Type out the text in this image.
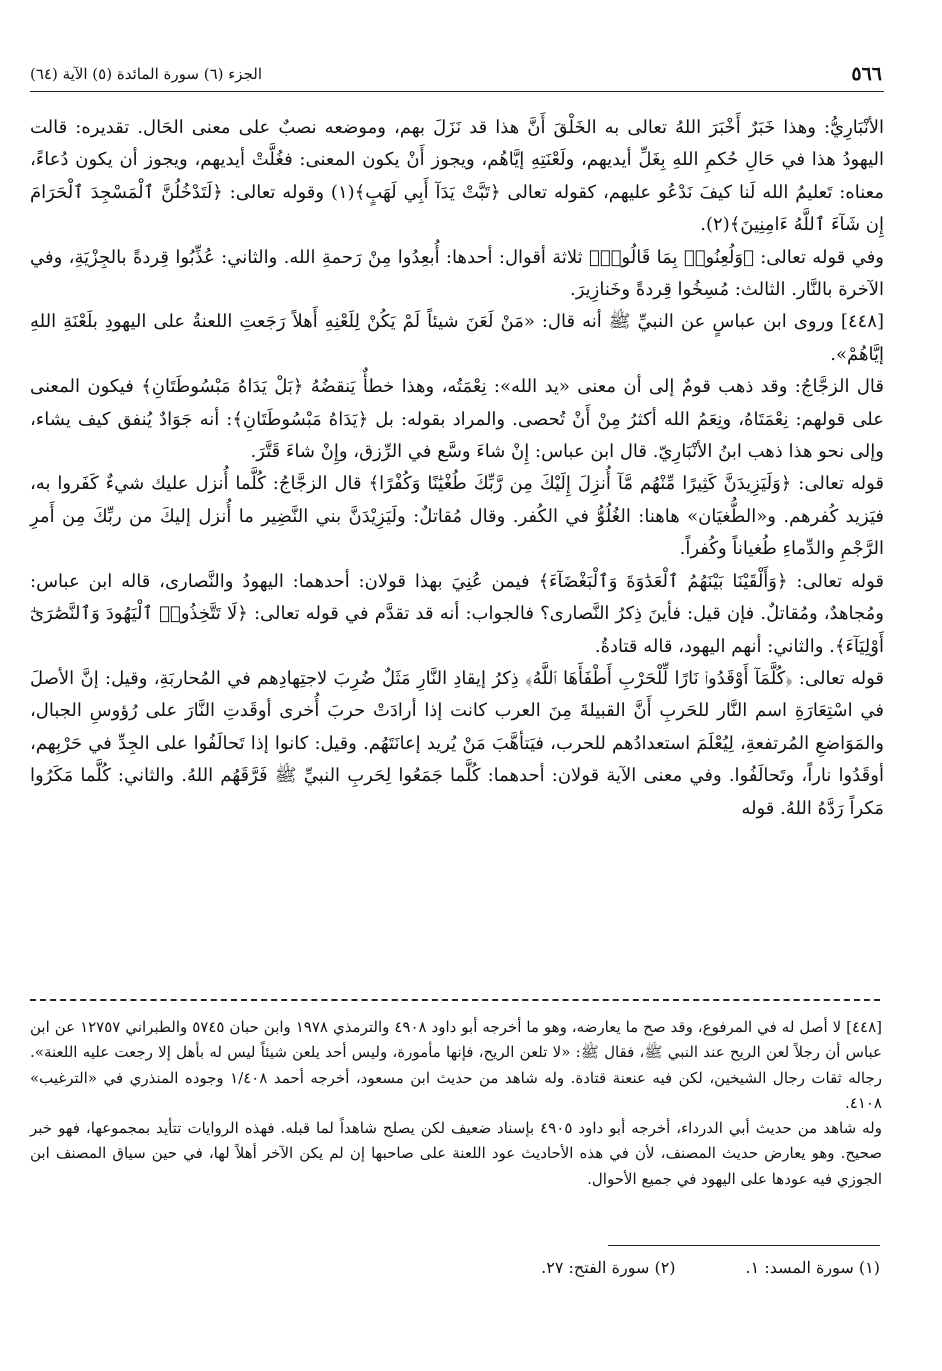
٥٦٦
الجزء (٦) سورة المائدة (٥) الآية (٦٤)

الأنْبَارِيُّ: وهذا خَبَرٌ أَخْبَرَ اللهُ تعالى به الخَلْقَ أَنَّ هذا قد نَزَلَ بهم، وموضعه نصبٌ على معنى الحَال. تقديره: قالت اليهودُ هذا في حَالِ حُكمِ اللهِ بِغَلِّ أيديهم، ولَعْنَتِهِ إيَّاهُم، ويجوز أَنْ يكون المعنى: فغُلَّتْ أيديهم، ويجوز أن يكون دُعاءً، معناه: تَعليمُ الله لَنا كيفَ نَدْعُو عليهم، كقوله تعالى ﴿تَبَّتْ يَدَآ أَبِي لَهَبٍ﴾(١) وقوله تعالى: ﴿لَتَدْخُلُنَّ ٱلْمَسْجِدَ ٱلْحَرَامَ إِن شَآءَ ٱللَّهُ ءَامِنِينَ﴾(٢).

وفي قوله تعالى: ﴿وَلُعِنُوا۟ بِمَا قَالُوا۟﴾ ثلاثة أقوال: أحدها: أُبعِدُوا مِنْ رَحمةِ الله. والثاني: عُذِّبُوا قِردةً بالجِزْيَةِ، وفي الآخرة بالنَّار. الثالث: مُسِخُوا قِردةً وخَنازِيرَ.

[٤٤٨] وروى ابن عباسٍ عن النبيِّ ﷺ أنه قال: «مَنْ لَعَنَ شيئاً لَمْ يَكُنْ لِلَعْنِهِ أَهلاً رَجَعتِ اللعنةُ على اليهودِ بلَعْنَةِ اللهِ إيَّاهُمْ».

قال الزجَّاجُ: وقد ذهب قومٌ إلى أن معنى «يد الله»: نِعْمَتُه، وهذا خطأٌ يَنقضُهُ ﴿بَلْ يَدَاهُ مَبْسُوطَتَانِ﴾ فيكون المعنى على قولهم: نِعْمَتَاهُ، ونِعَمُ الله أكثرُ مِنْ أَنْ تُحصى. والمراد بقوله: بل ﴿يَدَاهُ مَبْسُوطَتَانِ﴾: أنه جَوَادٌ يُنفق كيف يشاء، وإلى نحو هذا ذهب ابنُ الأنْبَارِيّ. قال ابن عباس: إِنْ شاءَ وسَّع في الرِّزق، وإِنْ شاءَ قَتَّرَ.

قوله تعالى: ﴿وَلَيَزِيدَنَّ كَثِيرًا مِّنْهُم مَّآ أُنزِلَ إِلَيْكَ مِن رَّبِّكَ طُغْيَٰنًا وَكُفْرًا﴾ قال الزجَّاجُ: كُلَّما أُنزل عليك شيءٌ كَفَروا به، فيَزيد كُفرهم. و«الطُّغيَان» هاهنا: الغُلُوُّ في الكُفر. وقال مُقاتلٌ: ولَيَزِيْدَنَّ بني النَّضِير ما أُنزل إليكَ من ربِّكَ مِن أَمرِ الرَّجْمِ والدِّماءِ طُغياناً وكُفراً.

قوله تعالى: ﴿وَأَلْقَيْنَا بَيْنَهُمُ ٱلْعَدَٰوَةَ وَٱلْبَغْضَآءَ﴾ فيمن عُنِيَ بهذا قولان: أحدهما: اليهودُ والنَّصارى، قاله ابن عباس: ومُجاهدٌ، ومُقاتلٌ. فإن قيل: فأينَ ذِكرُ النَّصارى؟ فالجواب: أنه قد تقدَّم في قوله تعالى: ﴿لَا تَتَّخِذُوا۟ ٱلْيَهُودَ وَٱلنَّصَٰرَىٰٓ أَوْلِيَآءَ﴾. والثاني: أنهم اليهود، قاله قتادةُ.

قوله تعالى: ﴿كُلَّمَآ أَوْقَدُوا۟ نَارًا لِّلْحَرْبِ أَطْفَأَهَا ٱللَّهُ﴾ ذِكرُ إيقادِ النَّارِ مَثَلٌ ضُرِبَ لاجتِهادِهم في المُحاربَةِ، وقيل: إنَّ الأصلَ في اسْتِعَارَةِ اسم النَّار للحَربِ أَنَّ القبيلةَ مِنَ العرب كانت إذا أرادَتْ حربَ أُخرى أوقَدتِ النَّارَ على رُؤوسِ الجبال، والمَوَاضعِ المُرتفعةِ، لِيُعْلَمَ استعدادُهم للحرب، فيَتأهَّبَ مَنْ يُريد إعانَتَهُم. وقيل: كانوا إذا تَحالَفُوا على الجِدِّ في حَرْبِهم، أوقَدُوا ناراً، وتَحالَفُوا. وفي معنى الآية قولان: أحدهما: كُلَّما جَمَعُوا لِحَربِ النبيِّ ﷺ فَرَّقَهُم اللهُ. والثاني: كُلَّما مَكَرُوا مَكراً رَدَّهُ اللهُ. قوله

[٤٤٨] لا أصل له في المرفوع، وقد صح ما يعارضه، وهو ما أخرجه أبو داود ٤٩٠٨ والترمذي ١٩٧٨ وابن حبان ٥٧٤٥ والطبراني ١٢٧٥٧ عن ابن عباس أن رجلاً لعن الريح عند النبي ﷺ، فقال ﷺ: «لا تلعن الريح، فإنها مأمورة، وليس أحد يلعن شيئاً ليس له بأهل إلا رجعت عليه اللعنة». رجاله ثقات رجال الشيخين، لكن فيه عنعنة قتادة. وله شاهد من حديث ابن مسعود، أخرجه أحمد ١/٤٠٨ وجوده المنذري في «الترغيب» ٤١٠٨.

وله شاهد من حديث أبي الدرداء، أخرجه أبو داود ٤٩٠٥ بإسناد ضعيف لكن يصلح شاهداً لما قبله. فهذه الروايات تتأيد بمجموعها، فهو خبر صحيح. وهو يعارض حديث المصنف، لأن في هذه الأحاديث عود اللعنة على صاحبها إن لم يكن الآخر أهلاً لها، في حين سياق المصنف ابن الجوزي فيه عودها على اليهود في جميع الأحوال.

(١) سورة المسد: ١.
(٢) سورة الفتح: ٢٧.
